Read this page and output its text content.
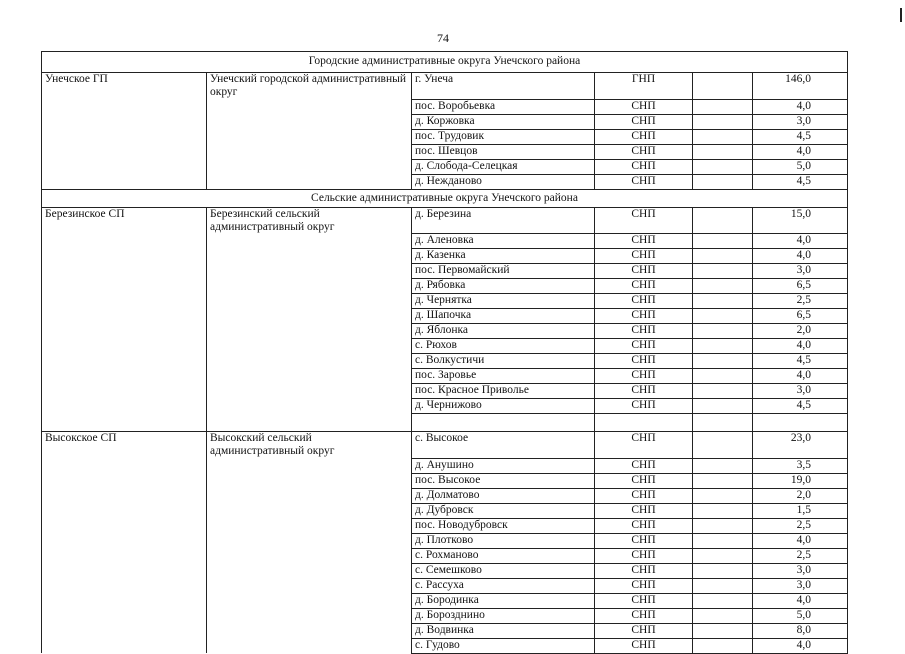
74
Городские административные округа Унечского района					
Унечское ГП	Унечский городской административный округ	г. Унеча	ГНП		146,0
		пос. Воробьевка	СНП		4,0
		д. Коржовка	СНП		3,0
		пос. Трудовик	СНП		4,5
		пос. Шевцов	СНП		4,0
		д. Слобода-Селецкая	СНП		5,0
		д. Нежданово	СНП		4,5
Сельские административные округа Унечского района					
Березинское СП	Березинский сельский административный округ	д. Березина	СНП		15,0
		д. Аленовка	СНП		4,0
		д. Казенка	СНП		4,0
		пос. Первомайский	СНП		3,0
		д. Рябовка	СНП		6,5
		д. Чернятка	СНП		2,5
		д. Шапочка	СНП		6,5
		д. Яблонка	СНП		2,0
		с. Рюхов	СНП		4,0
		с. Волкустичи	СНП		4,5
		пос. Заровье	СНП		4,0
		пос. Красное Приволье	СНП		3,0
		д. Чернижово	СНП		4,5

Высокское СП	Высокский сельский административный округ	с. Высокое	СНП		23,0
		д. Анушино	СНП		3,5
		пос. Высокое	СНП		19,0
		д. Долматово	СНП		2,0
		д. Дубровск	СНП		1,5
		пос. Новодубровск	СНП		2,5
		д. Плотково	СНП		4,0
		с. Рохманово	СНП		2,5
		с. Семешково	СНП		3,0
		с. Рассуха	СНП		3,0
		д. Бородинка	СНП		4,0
		д. Борозднино	СНП		5,0
		д. Водвинка	СНП		8,0
		с. Гудово	СНП		4,0
